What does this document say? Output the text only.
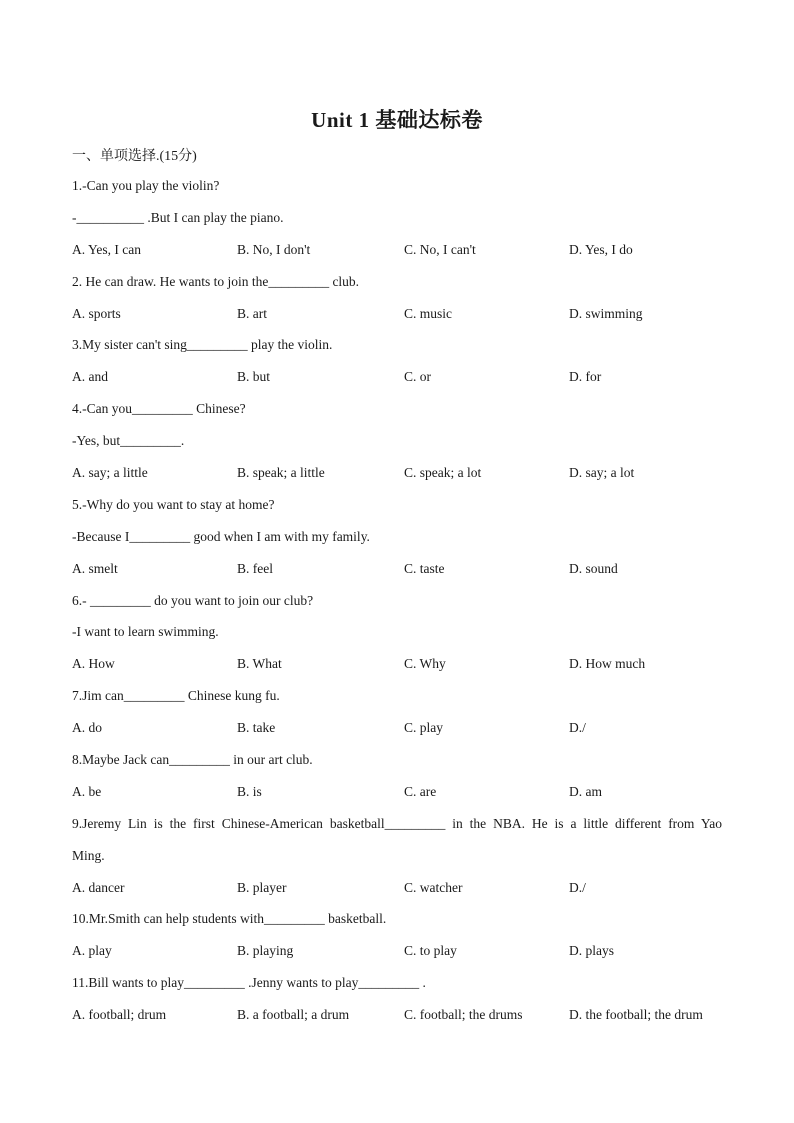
Unit 1 基础达标卷
一、单项选择.(15分)
1.-Can you play the violin?
-__________ .But I can play the piano.
A. Yes, I can	B. No, I don't	C. No, I can't	D. Yes, I do
2. He can draw. He wants to join the_________ club.
A. sports	B. art	C. music	D. swimming
3.My sister can't sing_________ play the violin.
A. and	B. but	C. or	D. for
4.-Can you_________ Chinese?
-Yes, but_________.
A. say; a little	B. speak; a little	C. speak; a lot	D. say; a lot
5.-Why do you want to stay at home?
-Because I_________ good when I am with my family.
A. smelt	B. feel	C. taste	D. sound
6.- _________ do you want to join our club?
-I want to learn swimming.
A. How	B. What	C. Why	D. How much
7.Jim can_________ Chinese kung fu.
A. do	B. take	C. play	D./
8.Maybe Jack can_________ in our art club.
A. be	B. is	C. are	D. am
9.Jeremy Lin is the first Chinese-American basketball_________ in the NBA. He is a little different from Yao
Ming.
A. dancer	B. player	C. watcher	D./
10.Mr.Smith can help students with_________ basketball.
A. play	B. playing	C. to play	D. plays
11.Bill wants to play_________ .Jenny wants to play_________ .
A. football; drum	B. a football; a drum	C. football; the drums	D. the football; the drum
